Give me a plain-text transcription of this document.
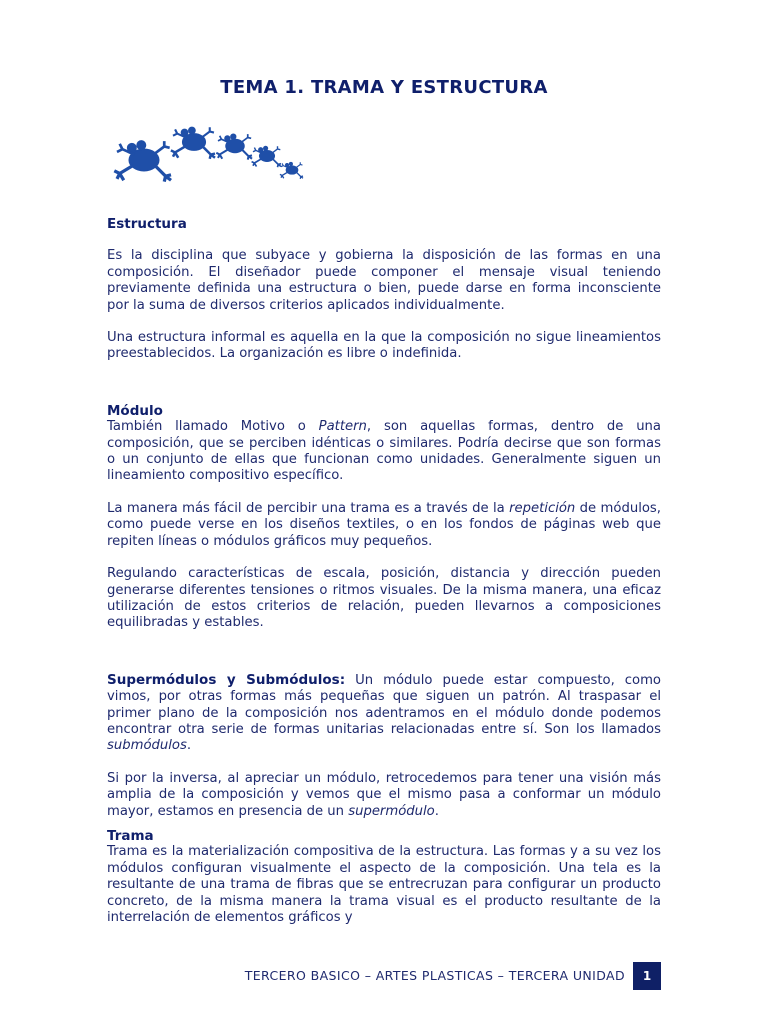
TEMA 1. TRAMA Y ESTRUCTURA

Estructura

Es la disciplina que subyace y gobierna la disposición de las formas en una composición. El diseñador puede componer el mensaje visual teniendo previamente definida una estructura o bien, puede darse en forma inconsciente por la suma de diversos criterios aplicados individualmente.

Una estructura informal es aquella en la que la composición no sigue lineamientos preestablecidos. La organización es libre o indefinida.

Módulo

También llamado Motivo o Pattern, son aquellas formas, dentro de una composición, que se perciben idénticas o similares. Podría decirse que son formas o un conjunto de ellas que funcionan como unidades. Generalmente siguen un lineamiento compositivo específico.

La manera más fácil de percibir una trama es a través de la repetición de módulos, como puede verse en los diseños textiles, o en los fondos de páginas web que repiten líneas o módulos gráficos muy pequeños.

Regulando características de escala, posición, distancia y dirección pueden generarse diferentes tensiones o ritmos visuales. De la misma manera, una eficaz utilización de estos criterios de relación, pueden llevarnos a composiciones equilibradas y estables.

Supermódulos y Submódulos: Un módulo puede estar compuesto, como vimos, por otras formas más pequeñas que siguen un patrón. Al traspasar el primer plano de la composición nos adentramos en el módulo donde podemos encontrar otra serie de formas unitarias relacionadas entre sí. Son los llamados submódulos.

Si por la inversa, al apreciar un módulo, retrocedemos para tener una visión más amplia de la composición y vemos que el mismo pasa a conformar un módulo mayor, estamos en presencia de un supermódulo.

Trama

Trama es la materialización compositiva de la estructura. Las formas y a su vez los módulos configuran visualmente el aspecto de la composición. Una tela es la resultante de una trama de fibras que se entrecruzan para configurar un producto concreto, de la misma manera la trama visual es el producto resultante de la interrelación de elementos gráficos y

TERCERO BASICO – ARTES PLASTICAS – TERCERA UNIDAD	1
